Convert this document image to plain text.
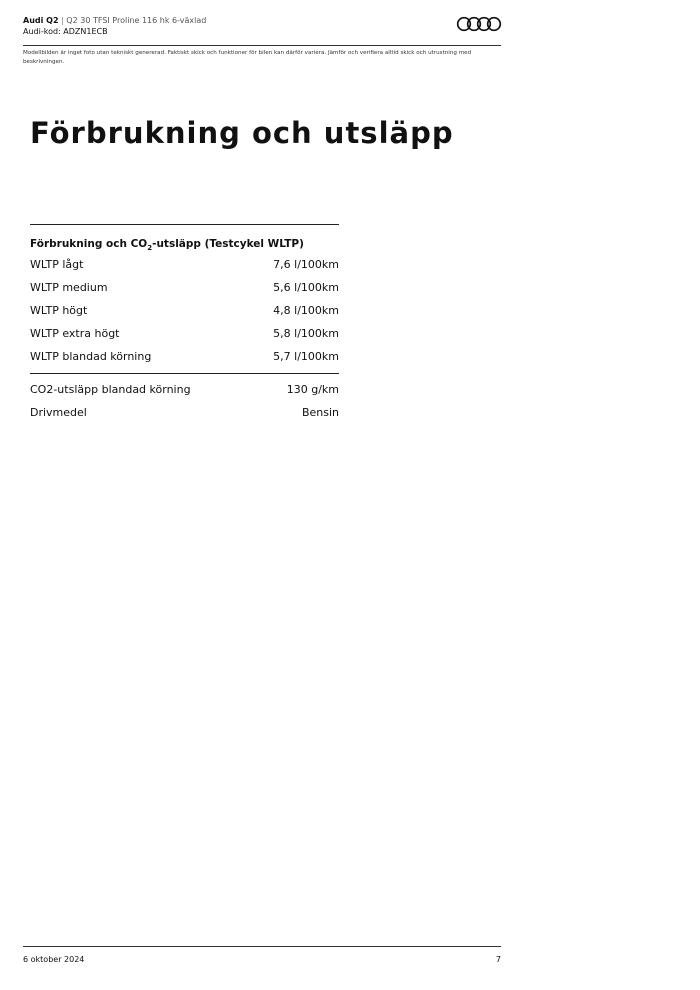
Audi Q2 | Q2 30 TFSI Proline 116 hk 6-växlad
Audi-kod: ADZN1ECB
Modellbilden är inget foto utan tekniskt genererad. Faktiskt skick och funktioner för bilen kan därför variera. Jämför och verifiera alltid skick och utrustning med beskrivningen.
Förbrukning och utsläpp
Förbrukning och $CO_2$-utsläpp (Testcykel WLTP)
WLTP lågt	7,6 l/100km
WLTP medium	5,6 l/100km
WLTP högt	4,8 l/100km
WLTP extra högt	5,8 l/100km
WLTP blandad körning	5,7 l/100km
CO2-utsläpp blandad körning	130 g/km
Drivmedel	Bensin
6 oktober 2024	7
